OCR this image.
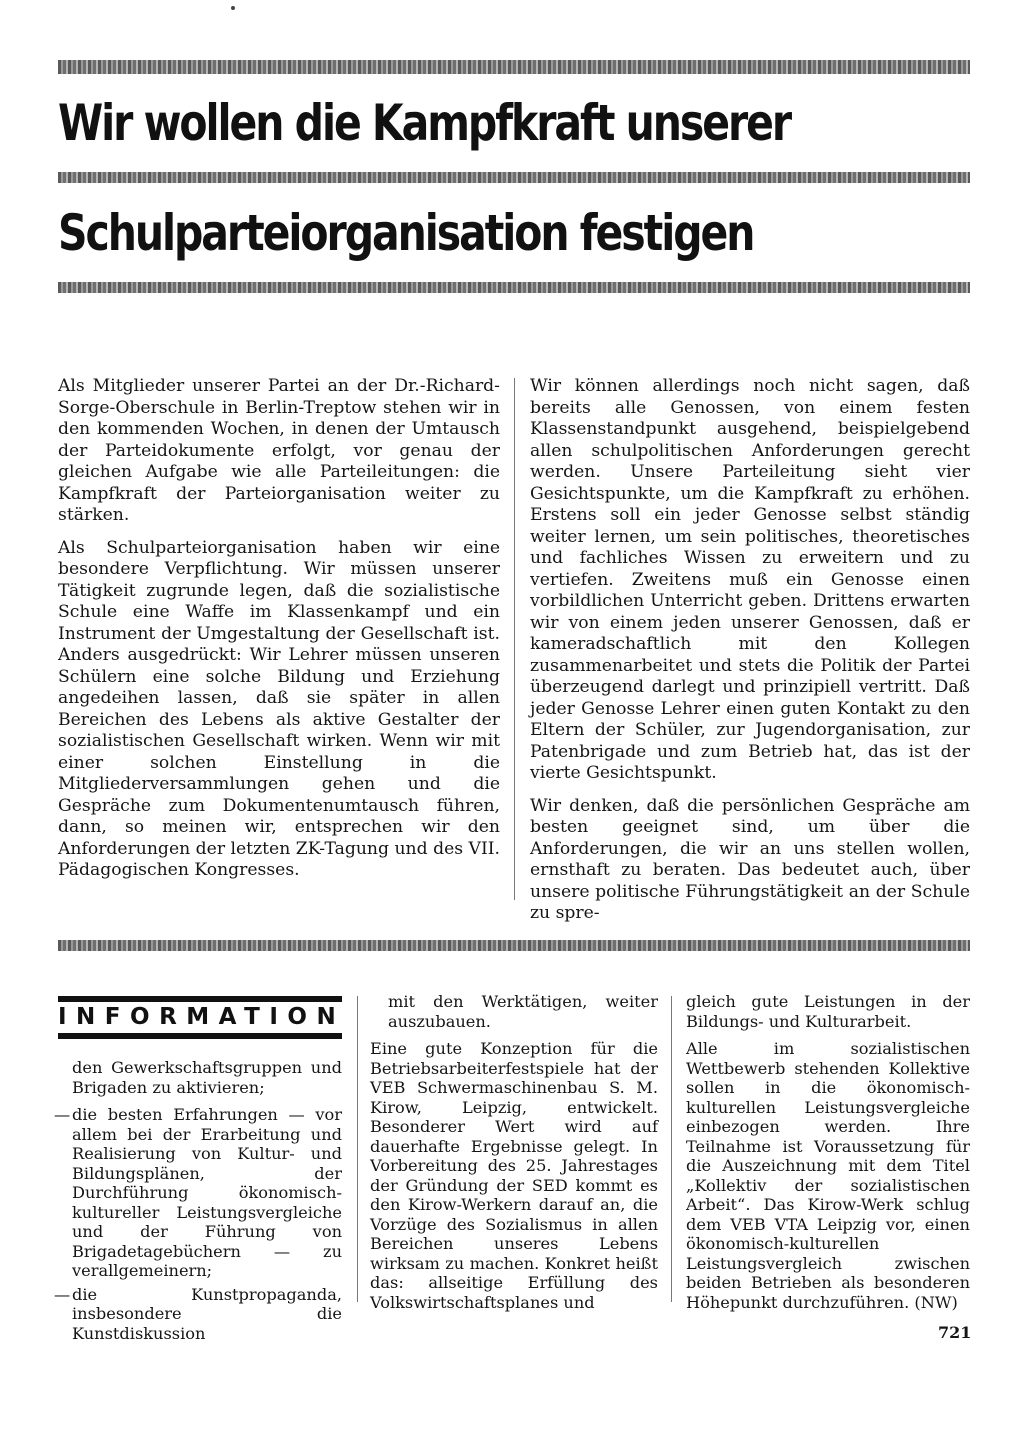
Wir wollen die Kampfkraft unserer
Schulparteiorganisation festigen

Als Mitglieder unserer Partei an der Dr.-Richard-Sorge-Oberschule in Berlin-Treptow stehen wir in den kommenden Wochen, in denen der Umtausch der Parteidokumente erfolgt, vor genau der gleichen Aufgabe wie alle Parteileitungen: die Kampfkraft der Parteiorganisation weiter zu stärken.

Als Schulparteiorganisation haben wir eine besondere Verpflichtung. Wir müssen unserer Tätigkeit zugrunde legen, daß die sozialistische Schule eine Waffe im Klassenkampf und ein Instrument der Umgestaltung der Gesellschaft ist. Anders ausgedrückt: Wir Lehrer müssen unseren Schülern eine solche Bildung und Erziehung angedeihen lassen, daß sie später in allen Bereichen des Lebens als aktive Gestalter der sozialistischen Gesellschaft wirken. Wenn wir mit einer solchen Einstellung in die Mitgliederversammlungen gehen und die Gespräche zum Dokumentenumtausch führen, dann, so meinen wir, entsprechen wir den Anforderungen der letzten ZK-Tagung und des VII. Pädagogischen Kongresses.

Wir können allerdings noch nicht sagen, daß bereits alle Genossen, von einem festen Klassenstandpunkt ausgehend, beispielgebend allen schulpolitischen Anforderungen gerecht werden. Unsere Parteileitung sieht vier Gesichtspunkte, um die Kampfkraft zu erhöhen. Erstens soll ein jeder Genosse selbst ständig weiter lernen, um sein politisches, theoretisches und fachliches Wissen zu erweitern und zu vertiefen. Zweitens muß ein Genosse einen vorbildlichen Unterricht geben. Drittens erwarten wir von einem jeden unserer Genossen, daß er kameradschaftlich mit den Kollegen zusammenarbeitet und stets die Politik der Partei überzeugend darlegt und prinzipiell vertritt. Daß jeder Genosse Lehrer einen guten Kontakt zu den Eltern der Schüler, zur Jugendorganisation, zur Patenbrigade und zum Betrieb hat, das ist der vierte Gesichtspunkt.

Wir denken, daß die persönlichen Gespräche am besten geeignet sind, um über die Anforderungen, die wir an uns stellen wollen, ernsthaft zu beraten. Das bedeutet auch, über unsere politische Führungstätigkeit an der Schule zu spre-

INFORMATION

den Gewerkschaftsgruppen und Brigaden zu aktivieren;

— die besten Erfahrungen — vor allem bei der Erarbeitung und Realisierung von Kultur- und Bildungsplänen, der Durchführung ökonomisch-kultureller Leistungsvergleiche und der Führung von Brigadetagebüchern — zu verallgemeinern;
— die Kunstpropaganda, insbesondere die Kunstdiskussion

mit den Werktätigen, weiter auszubauen.

Eine gute Konzeption für die Betriebsarbeiterfestspiele hat der VEB Schwermaschinenbau S. M. Kirow, Leipzig, entwickelt. Besonderer Wert wird auf dauerhafte Ergebnisse gelegt. In Vorbereitung des 25. Jahrestages der Gründung der SED kommt es den Kirow-Werkern darauf an, die Vorzüge des Sozialismus in allen Bereichen unseres Lebens wirksam zu machen. Konkret heißt das: allseitige Erfüllung des Volkswirtschaftsplanes und

gleich gute Leistungen in der Bildungs- und Kulturarbeit.

Alle im sozialistischen Wettbewerb stehenden Kollektive sollen in die ökonomisch-kulturellen Leistungsvergleiche einbezogen werden. Ihre Teilnahme ist Voraussetzung für die Auszeichnung mit dem Titel „Kollektiv der sozialistischen Arbeit“. Das Kirow-Werk schlug dem VEB VTA Leipzig vor, einen ökonomisch-kulturellen Leistungsvergleich zwischen beiden Betrieben als besonderen Höhepunkt durchzuführen. (NW)

721
